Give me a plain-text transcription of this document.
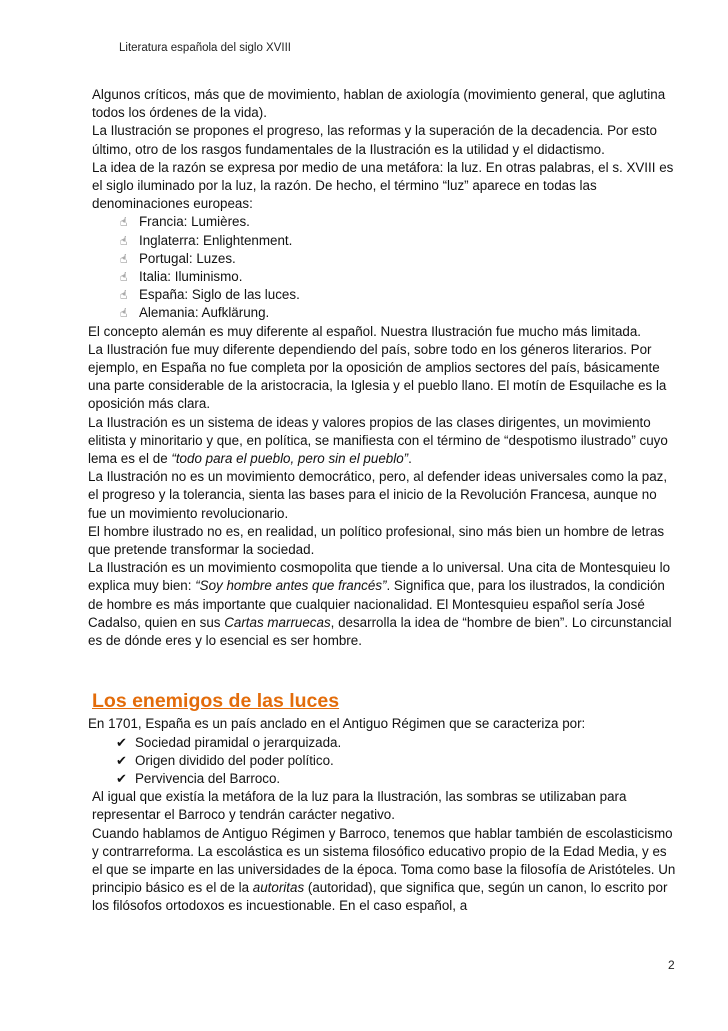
Literatura española del siglo XVIII

Algunos críticos, más que de movimiento, hablan de axiología (movimiento general, que aglutina todos los órdenes de la vida).

La Ilustración se propones el progreso, las reformas y la superación de la decadencia. Por esto último, otro de los rasgos fundamentales de la Ilustración es la utilidad y el didactismo.

La idea de la razón se expresa por medio de una metáfora: la luz. En otras palabras, el s. XVIII es el siglo iluminado por la luz, la razón. De hecho, el término “luz” aparece en todas las denominaciones europeas:

☝ Francia: Lumières.
☝ Inglaterra: Enlightenment.
☝ Portugal: Luzes.
☝ Italia: Iluminismo.
☝ España: Siglo de las luces.
☝ Alemania: Aufklärung.

El concepto alemán es muy diferente al español. Nuestra Ilustración fue mucho más limitada.

La Ilustración fue muy diferente dependiendo del país, sobre todo en los géneros literarios. Por ejemplo, en España no fue completa por la oposición de amplios sectores del país, básicamente una parte considerable de la aristocracia, la Iglesia y el pueblo llano. El motín de Esquilache es la oposición más clara.

La Ilustración es un sistema de ideas y valores propios de las clases dirigentes, un movimiento elitista y minoritario y que, en política, se manifiesta con el término de “despotismo ilustrado” cuyo lema es el de “todo para el pueblo, pero sin el pueblo”.

La Ilustración no es un movimiento democrático, pero, al defender ideas universales como la paz, el progreso y la tolerancia, sienta las bases para el inicio de la Revolución Francesa, aunque no fue un movimiento revolucionario.

El hombre ilustrado no es, en realidad, un político profesional, sino más bien un hombre de letras que pretende transformar la sociedad.

La Ilustración es un movimiento cosmopolita que tiende a lo universal. Una cita de Montesquieu lo explica muy bien: “Soy hombre antes que francés”. Significa que, para los ilustrados, la condición de hombre es más importante que cualquier nacionalidad. El Montesquieu español sería José Cadalso, quien en sus Cartas marruecas, desarrolla la idea de “hombre de bien”. Lo circunstancial es de dónde eres y lo esencial es ser hombre.

Los enemigos de las luces

En 1701, España es un país anclado en el Antiguo Régimen que se caracteriza por:

✔ Sociedad piramidal o jerarquizada.
✔ Origen dividido del poder político.
✔ Pervivencia del Barroco.

Al igual que existía la metáfora de la luz para la Ilustración, las sombras se utilizaban para representar el Barroco y tendrán carácter negativo.

Cuando hablamos de Antiguo Régimen y Barroco, tenemos que hablar también de escolasticismo y contrarreforma. La escolástica es un sistema filosófico educativo propio de la Edad Media, y es el que se imparte en las universidades de la época. Toma como base la filosofía de Aristóteles. Un principio básico es el de la autoritas (autoridad), que significa que, según un canon, lo escrito por los filósofos ortodoxos es incuestionable. En el caso español, a

2
